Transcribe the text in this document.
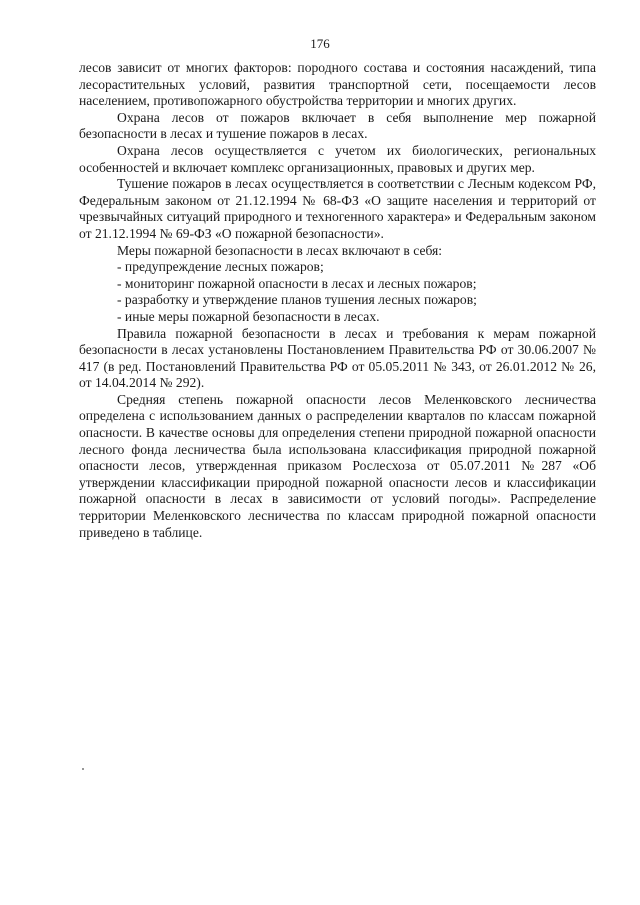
176

лесов зависит от многих факторов: породного состава и состояния насаждений, типа лесорастительных условий, развития транспортной сети, посещаемости лесов населением, противопожарного обустройства территории и многих других.

Охрана лесов от пожаров включает в себя выполнение мер пожарной безопасности в лесах и тушение пожаров в лесах.

Охрана лесов осуществляется с учетом их биологических, региональных особенностей и включает комплекс организационных, правовых и других мер.

Тушение пожаров в лесах осуществляется в соответствии с Лесным кодексом РФ, Федеральным законом от 21.12.1994 № 68-ФЗ «О защите населения и территорий от чрезвычайных ситуаций природного и техногенного характера» и Федеральным законом от 21.12.1994 № 69-ФЗ «О пожарной безопасности».

Меры пожарной безопасности в лесах включают в себя:

- предупреждение лесных пожаров;
- мониторинг пожарной опасности в лесах и лесных пожаров;
- разработку и утверждение планов тушения лесных пожаров;
- иные меры пожарной безопасности в лесах.

Правила пожарной безопасности в лесах и требования к мерам пожарной безопасности в лесах установлены Постановлением Правительства РФ от 30.06.2007 № 417 (в ред. Постановлений Правительства РФ от 05.05.2011 № 343, от 26.01.2012 № 26, от 14.04.2014 № 292).

Средняя степень пожарной опасности лесов Меленковского лесничества определена с использованием данных о распределении кварталов по классам пожарной опасности. В качестве основы для определения степени природной пожарной опасности лесного фонда лесничества была использована классификация природной пожарной опасности лесов, утвержденная приказом Рослесхоза от 05.07.2011 №287 «Об утверждении классификации природной пожарной опасности лесов и классификации пожарной опасности в лесах в зависимости от условий погоды». Распределение территории Меленковского лесничества по классам природной пожарной опасности приведено в таблице.
